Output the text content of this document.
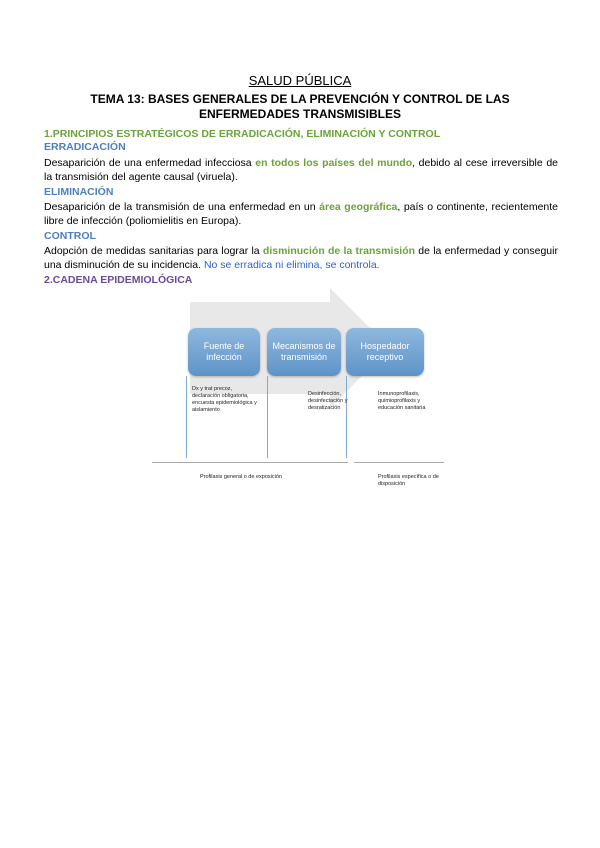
SALUD PÚBLICA
TEMA 13: BASES GENERALES DE LA PREVENCIÓN Y CONTROL DE LAS ENFERMEDADES TRANSMISIBLES
1.PRINCIPIOS ESTRATÉGICOS DE ERRADICACIÓN, ELIMINACIÓN Y CONTROL
ERRADICACIÓN
Desaparición de una enfermedad infecciosa en todos los países del mundo, debido al cese irreversible de la transmisión del agente causal (viruela).
ELIMINACIÓN
Desaparición de la transmisión de una enfermedad en un área geográfica, país o continente, recientemente libre de infección (poliomielitis en Europa).
CONTROL
Adopción de medidas sanitarias para lograr la disminución de la transmisión de la enfermedad y conseguir una disminución de su incidencia. No se erradica ni elimina, se controla.
2.CADENA EPIDEMIOLÓGICA
Fuente de infección
Mecanismos de transmisión
Hospedador receptivo
Dx y trat precoz, declaración obligatoria, encuesta epidemiológica y aislamiento
Desinfección, desinfectación y desratización
Inmunoprofilaxis, quimioprofilaxis y educación sanitaria
Profilaxis general o de exposición	Profilaxis específica o de disposición
